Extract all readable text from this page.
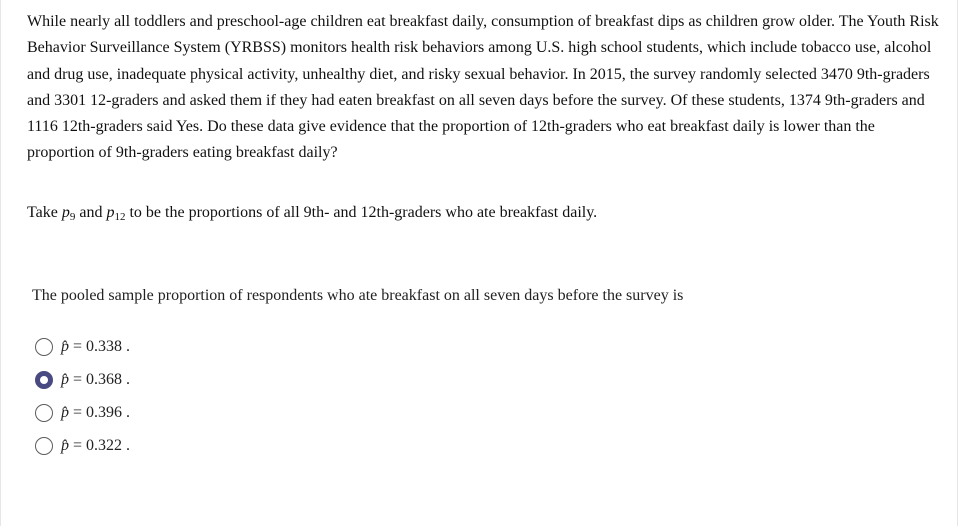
While nearly all toddlers and preschool-age children eat breakfast daily, consumption of breakfast dips as children grow older. The Youth Risk Behavior Surveillance System (YRBSS) monitors health risk behaviors among U.S. high school students, which include tobacco use, alcohol and drug use, inadequate physical activity, unhealthy diet, and risky sexual behavior. In 2015, the survey randomly selected 3470 9th-graders and 3301 12-graders and asked them if they had eaten breakfast on all seven days before the survey. Of these students, 1374 9th-graders and 1116 12th-graders said Yes. Do these data give evidence that the proportion of 12th-graders who eat breakfast daily is lower than the proportion of 9th-graders eating breakfast daily?

Take $p_9$ and $p_{12}$ to be the proportions of all 9th- and 12th-graders who ate breakfast daily.
The pooled sample proportion of respondents who ate breakfast on all seven days before the survey is
p̂ = 0.338 .
p̂ = 0.368 .
p̂ = 0.396 .
p̂ = 0.322 .
